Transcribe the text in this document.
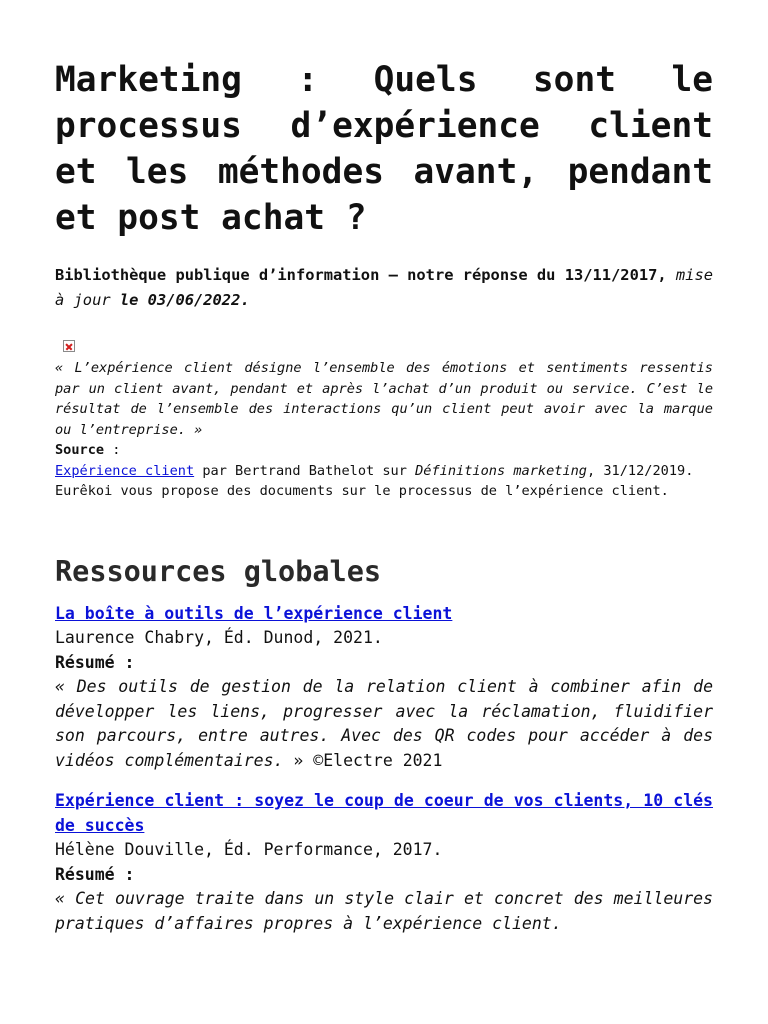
Marketing : Quels sont le processus d’expérience client et les méthodes avant, pendant et post achat ?
Bibliothèque publique d’information – notre réponse du 13/11/2017, mise à jour le 03/06/2022.
« L’expérience client désigne l’ensemble des émotions et sentiments ressentis par un client avant, pendant et après l’achat d’un produit ou service. C’est le résultat de l’ensemble des interactions qu’un client peut avoir avec la marque ou l’entreprise. »
Source :
Expérience client par Bertrand Bathelot sur Définitions marketing, 31/12/2019.
Eurêkoi vous propose des documents sur le processus de l’expérience client.
Ressources globales
La boîte à outils de l’expérience client
Laurence Chabry, Éd. Dunod, 2021.
Résumé :
« Des outils de gestion de la relation client à combiner afin de développer les liens, progresser avec la réclamation, fluidifier son parcours, entre autres. Avec des QR codes pour accéder à des vidéos complémentaires. » ©Electre 2021
Expérience client : soyez le coup de coeur de vos clients, 10 clés de succès
Hélène Douville, Éd. Performance, 2017.
Résumé :
« Cet ouvrage traite dans un style clair et concret des meilleures pratiques d’affaires propres à l’expérience client.
